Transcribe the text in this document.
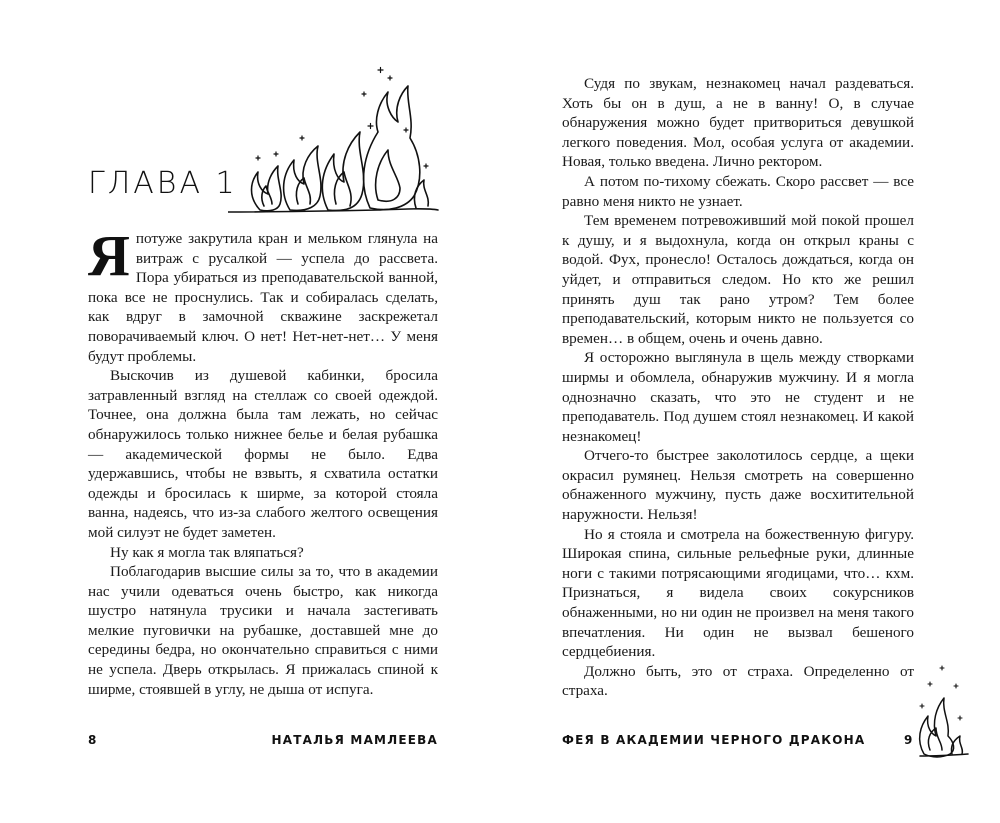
ГЛАВА 1

Япотуже закрутила кран и мельком глянула на витраж с русалкой — успела до рассвета. Пора убираться из преподавательской ванной, пока все не проснулись. Так и собиралась сделать, как вдруг в замочной скважине заскрежетал поворачиваемый ключ. О нет! Нет-нет-нет… У меня будут проблемы.

Выскочив из душевой кабинки, бросила затравленный взгляд на стеллаж со своей одеждой. Точнее, она должна была там лежать, но сейчас обнаружилось только нижнее белье и белая рубашка — академической формы не было. Едва удержавшись, чтобы не взвыть, я схватила остатки одежды и бросилась к ширме, за которой стояла ванна, надеясь, что из-за слабого желтого освещения мой силуэт не будет заметен.

Ну как я могла так вляпаться?

Поблагодарив высшие силы за то, что в академии нас учили одеваться очень быстро, как никогда шустро натянула трусики и начала застегивать мелкие пуговички на рубашке, доставшей мне до середины бедра, но окончательно справиться с ними не успела. Дверь открылась. Я прижалась спиной к ширме, стоявшей в углу, не дыша от испуга.

8	НАТАЛЬЯ МАМЛЕЕВА

Судя по звукам, незнакомец начал раздеваться. Хоть бы он в душ, а не в ванну! О, в случае обнаружения можно будет притвориться девушкой легкого поведения. Мол, особая услуга от академии. Новая, только введена. Лично ректором.

А потом по-тихому сбежать. Скоро рассвет — все равно меня никто не узнает.

Тем временем потревоживший мой покой прошел к душу, и я выдохнула, когда он открыл краны с водой. Фух, пронесло! Осталось дождаться, когда он уйдет, и отправиться следом. Но кто же решил принять душ так рано утром? Тем более преподавательский, которым никто не пользуется со времен… в общем, очень и очень давно.

Я осторожно выглянула в щель между створками ширмы и обомлела, обнаружив мужчину. И я могла однозначно сказать, что это не студент и не преподаватель. Под душем стоял незнакомец. И какой незнакомец!

Отчего-то быстрее заколотилось сердце, а щеки окрасил румянец. Нельзя смотреть на совершенно обнаженного мужчину, пусть даже восхитительной наружности. Нельзя!

Но я стояла и смотрела на божественную фигуру. Широкая спина, сильные рельефные руки, длинные ноги с такими потрясающими ягодицами, что… кхм. Признаться, я видела своих сокурсников обнаженными, но ни один не произвел на меня такого впечатления. Ни один не вызвал бешеного сердцебиения.

Должно быть, это от страха. Определенно от страха.

ФЕЯ В АКАДЕМИИ ЧЕРНОГО ДРАКОНА	9
